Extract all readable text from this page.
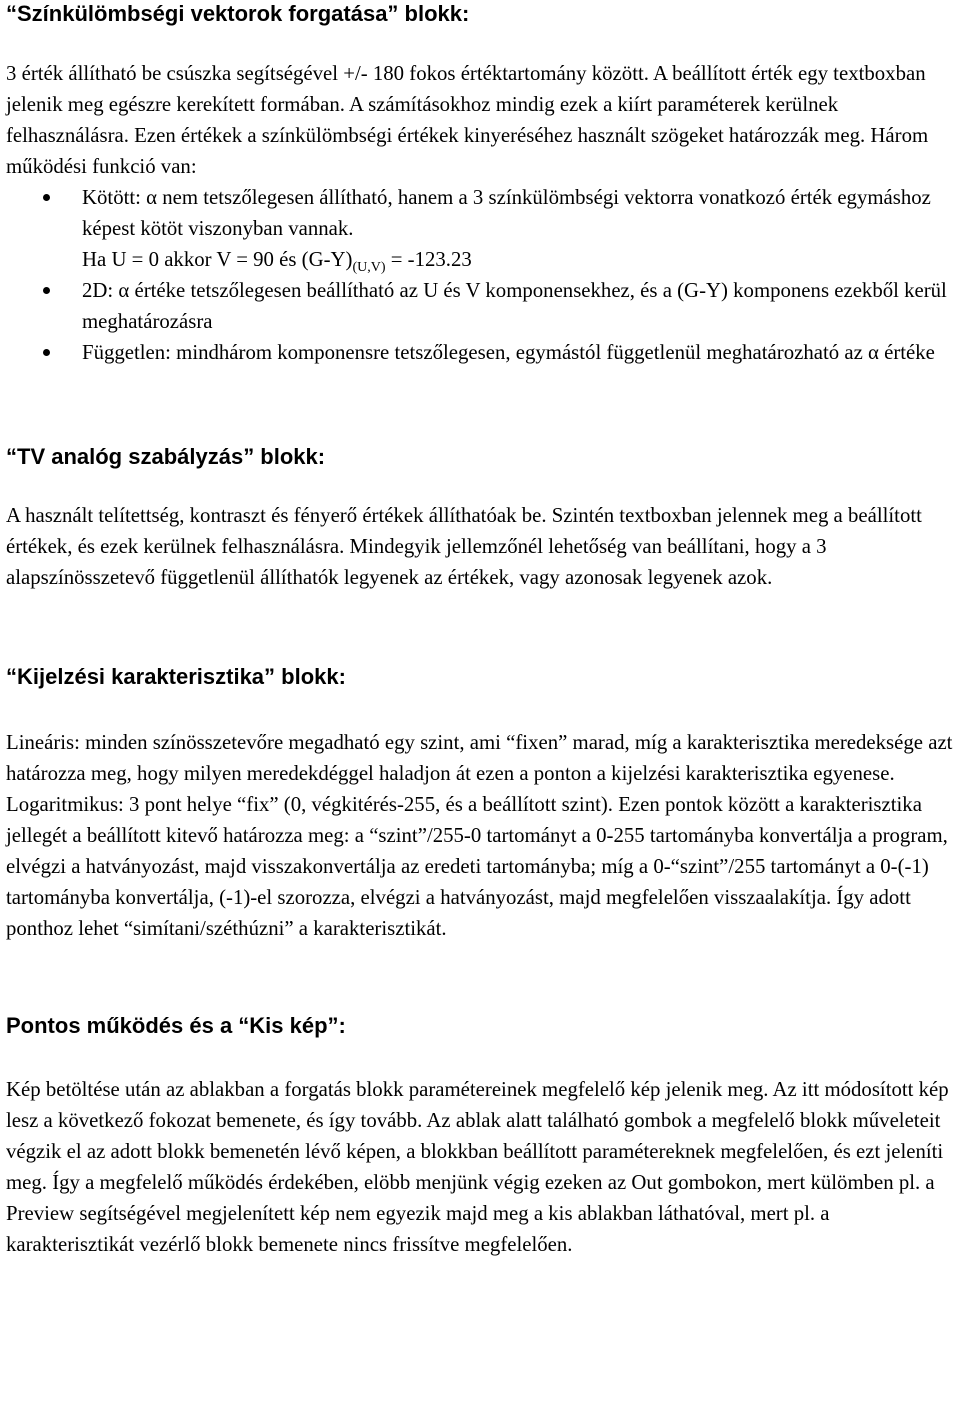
“Színkülömbségi vektorok forgatása” blokk:

3 érték állítható be csúszka segítségével +/- 180 fokos értéktartomány között. A beállított érték egy textboxban jelenik meg egészre kerekített formában. A számításokhoz mindig ezek a kiírt paraméterek kerülnek felhasználásra. Ezen értékek a színkülömbségi értékek kinyeréséhez használt szögeket határozzák meg. Három működési funkció van:

Kötött: α nem tetszőlegesen állítható, hanem a 3 színkülömbségi vektorra vonatkozó érték egymáshoz képest kötöt viszonyban vannak.
Ha U = 0 akkor V = 90 és $(G-Y)_{(U,V)} = -123.23$
2D: α értéke tetszőlegesen beállítható az U és V komponensekhez, és a (G-Y) komponens ezekből kerül meghatározásra
Független: mindhárom komponensre tetszőlegesen, egymástól függetlenül meghatározható az α értéke
“TV analóg szabályzás” blokk:

A használt telítettség, kontraszt és fényerő értékek állíthatóak be. Szintén textboxban jelennek meg a beállított értékek, és ezek kerülnek felhasználásra. Mindegyik jellemzőnél lehetőség van beállítani, hogy a 3 alapszínösszetevő függetlenül állíthatók legyenek az értékek, vagy azonosak legyenek azok.

“Kijelzési karakterisztika” blokk:

Lineáris: minden színösszetevőre megadható egy szint, ami “fixen” marad, míg a karakterisztika meredeksége azt határozza meg, hogy milyen meredekdéggel haladjon át ezen a ponton a kijelzési karakterisztika egyenese.

Logaritmikus: 3 pont helye “fix” (0, végkitérés-255, és a beállított szint). Ezen pontok között a karakterisztika jellegét a beállított kitevő határozza meg: a “szint”/255-0 tartományt a 0-255 tartományba konvertálja a program, elvégzi a hatványozást, majd visszakonvertálja az eredeti tartományba; míg a 0-“szint”/255 tartományt a 0-(-1) tartományba konvertálja, (-1)-el szorozza, elvégzi a hatványozást, majd megfelelően visszaalakítja. Így adott ponthoz lehet “simítani/széthúzni” a karakterisztikát.

Pontos működés és a “Kis kép”:

Kép betöltése után az ablakban a forgatás blokk paramétereinek megfelelő kép jelenik meg. Az itt módosított kép lesz a következő fokozat bemenete, és így tovább. Az ablak alatt található gombok a megfelelő blokk műveleteit végzik el az adott blokk bemenetén lévő képen, a blokkban beállított paramétereknek megfelelően, és ezt jeleníti meg. Így a megfelelő működés érdekében, elöbb menjünk végig ezeken az Out gombokon, mert külömben pl. a Preview segítségével megjelenített kép nem egyezik majd meg a kis ablakban láthatóval, mert pl. a karakterisztikát vezérlő blokk bemenete nincs frissítve megfelelően.
